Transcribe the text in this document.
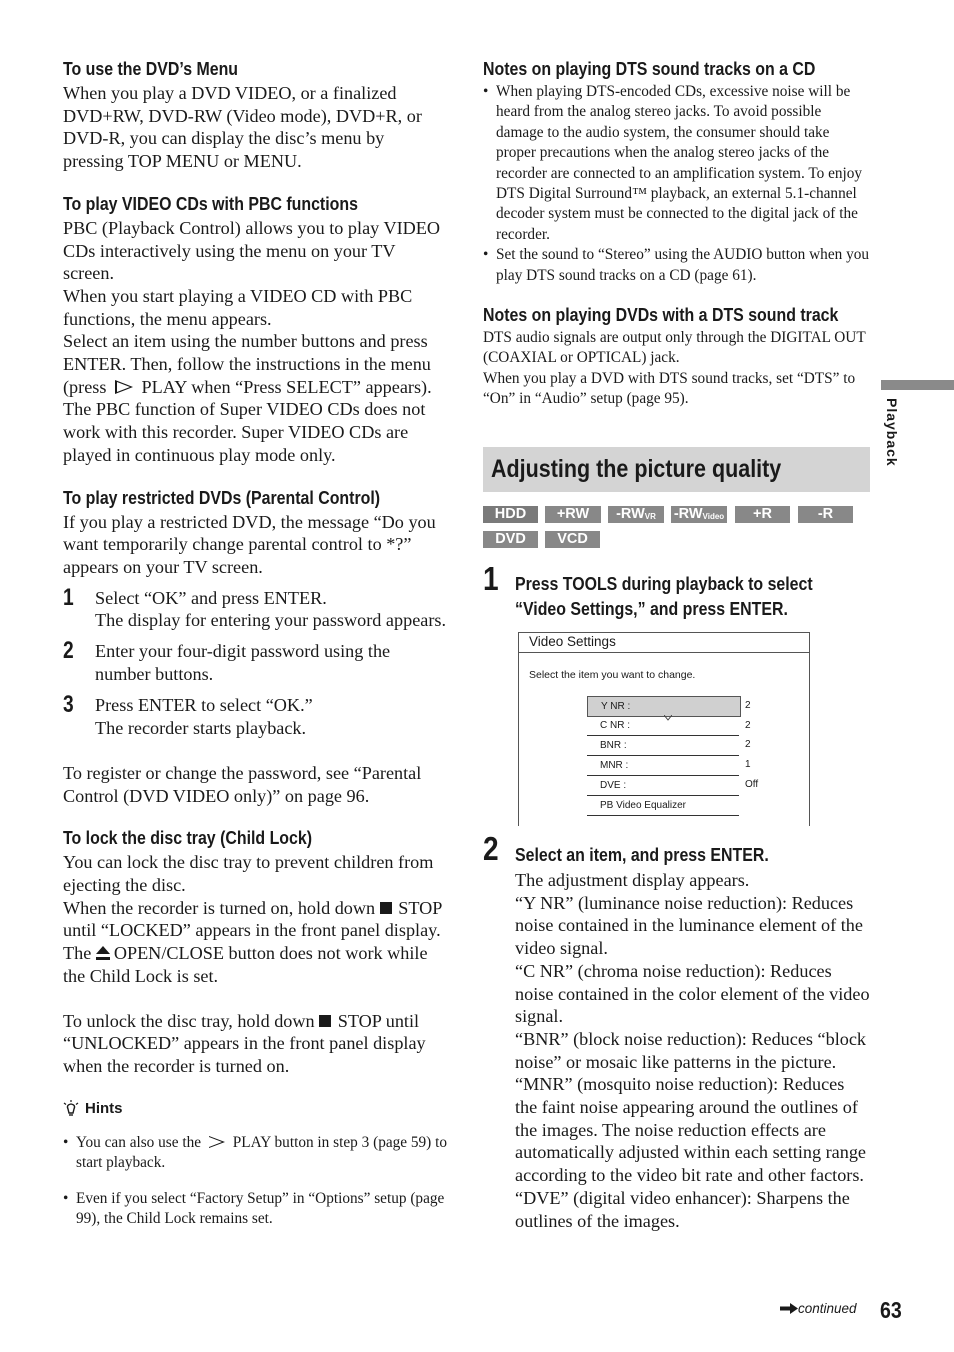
To use the DVD’s Menu

When you play a DVD VIDEO, or a finalized DVD+RW, DVD-RW (Video mode), DVD+R, or DVD-R, you can display the disc’s menu by pressing TOP MENU or MENU.

To play VIDEO CDs with PBC functions

PBC (Playback Control) allows you to play VIDEO CDs interactively using the menu on your TV screen.

When you start playing a VIDEO CD with PBC functions, the menu appears.

Select an item using the number buttons and press ENTER. Then, follow the instructions in the menu (press PLAY when “Press SELECT” appears).

The PBC function of Super VIDEO CDs does not work with this recorder. Super VIDEO CDs are played in continuous play mode only.

To play restricted DVDs (Parental Control)

If you play a restricted DVD, the message “Do you want temporarily change parental control to *?” appears on your TV screen.

1 Select “OK” and press ENTER.

The display for entering your password appears.

2 Enter your four-digit password using the number buttons.

3 Press ENTER to select “OK.”

The recorder starts playback.

To register or change the password, see “Parental Control (DVD VIDEO only)” on page 96.

To lock the disc tray (Child Lock)

You can lock the disc tray to prevent children from ejecting the disc.

When the recorder is turned on, hold down STOP until “LOCKED” appears in the front panel display. The OPEN/CLOSE button does not work while the Child Lock is set.

To unlock the disc tray, hold down STOP until “UNLOCKED” appears in the front panel display when the recorder is turned on.

Hints

• You can also use the PLAY button in step 3 (page 59) to start playback.

• Even if you select “Factory Setup” in “Options” setup (page 99), the Child Lock remains set.

Notes on playing DTS sound tracks on a CD

• When playing DTS-encoded CDs, excessive noise will be heard from the analog stereo jacks. To avoid possible damage to the audio system, the consumer should take proper precautions when the analog stereo jacks of the recorder are connected to an amplification system. To enjoy DTS Digital Surround™ playback, an external 5.1-channel decoder system must be connected to the digital jack of the recorder.

• Set the sound to “Stereo” using the AUDIO button when you play DTS sound tracks on a CD (page 61).

Notes on playing DVDs with a DTS sound track

DTS audio signals are output only through the DIGITAL OUT (COAXIAL or OPTICAL) jack.

When you play a DVD with DTS sound tracks, set “DTS” to “On” in “Audio” setup (page 95).

Adjusting the picture quality
HDD	+RW	$-RW_{VR}$	$-RW_{Video}$	+R	-R
DVD	VCD
1 Press TOOLS during playback to select
“Video Settings,” and press ENTER.
Video Settings
Select the item you want to change.
Y NR :	2
C NR :	2
BNR :	2
MNR :	1
DVE :	Off
PB Video Equalizer
2 Select an item, and press ENTER.

The adjustment display appears.

“Y NR” (luminance noise reduction): Reduces noise contained in the luminance element of the video signal.

“C NR” (chroma noise reduction): Reduces noise contained in the color element of the video signal.

“BNR” (block noise reduction): Reduces “block noise” or mosaic like patterns in the picture.

“MNR” (mosquito noise reduction): Reduces the faint noise appearing around the outlines of the images. The noise reduction effects are automatically adjusted within each setting range according to the video bit rate and other factors.

“DVE” (digital video enhancer): Sharpens the outlines of the images.

Playback
continued 63
